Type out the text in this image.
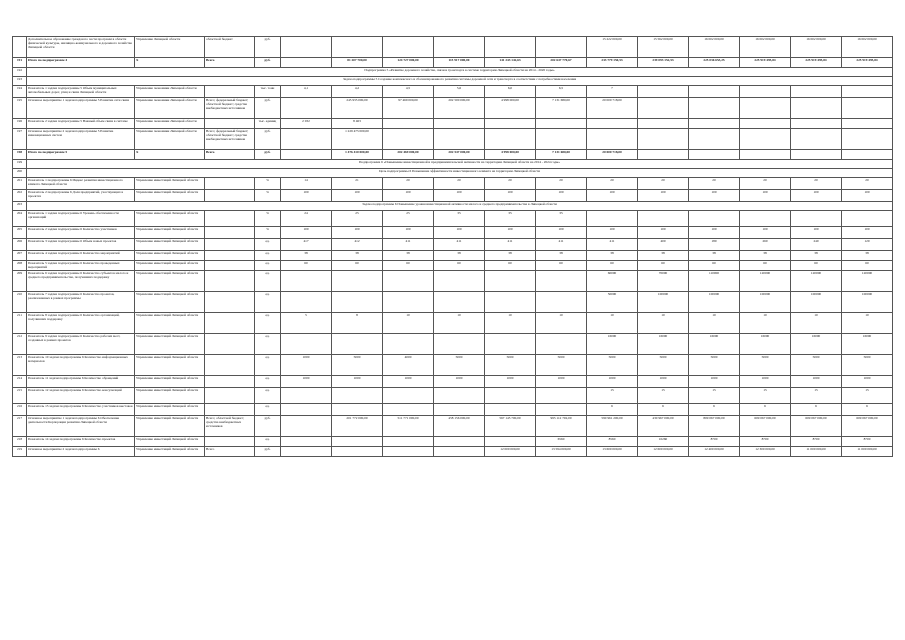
	Дополнительное образование граждан по части программ в области физической культуры, жилищно-коммунального и дорожного хозяйства Липецкой области	Управление Липецкой области	областной бюджет	руб.							15 222 000,00	15 562 000,00	16 002 000,00	16 002 000,00	16 002 000,00	16 002 000,00
191	Итого по подпрограмме 4	Х	Всего	руб.		81 207 700,00	124 727 000,00	115 917 000,00	141 243 142,63	202 647 770,67	233 779 150,53	239 093 152,53	225 036 653,25	225 919 495,84	225 919 495,84	225 919 495,84
192	Подпрограмма 5 «Развитие дорожного хозяйства, связи и транспорта в системе территории Липецкой области на 2014 - 2020 годы»															
193	Задача подпрограммы 5 Создание комплексного и сбалансированного развития системы дорожной сети и транспорта в соответствии с потребностями населения															
194	Показатель 1 задачи подпрограммы 5 Объем муниципальных автомобильных дорог, улиц и связи Липецкой области	Управление экономики Липецкой области		тыс. тонн	4,1	4,2	4,5	5,6	6,0	6,5	7					
195	Основное мероприятие 1 задачи подпрограммы 5 Развитие сети связи	Управление экономики Липецкой области	Всего; федеральный бюджет; областной бюджет; средства внебюджетных источников	руб.		245 935 000,00	97 469 000,00	202 500 000,00	4 998 000,00	7 131 680,00	20 000 718,00					
196	Показатель 2 задачи подпрограммы 5 Важный объем связи в системе	Управление экономики Липецкой области		тыс. единиц	2 032	8 463										
197	Основное мероприятие 2 задачи подпрограммы 5 Развитие инновационных систем	Управление экономики Липецкой области	Всего; федеральный бюджет; областной бюджет; средства внебюджетных источников	руб.		1 229 475 000,00										
198	Итого по подпрограмме 5	Х	Всего	руб.		1 476 410 000,00	202 469 000,00	202 547 000,00	4 998 000,00	7 131 680,00	20 000 718,00					
199	Подпрограмма 6 «Повышение инвестиционной и предпринимательской активности на территории Липецкой области на 2014 - 2024 годы»															
200	Цель подпрограммы 6 Повышение эффективности инвестиционного климата на территории Липецкой области															
201	Показатель 1 подпрограммы 6 Индекс развития инвестиционного климата Липецкой области	Управление инвестиций Липецкой области		%	14	21	20	20	20	20	20	20	20	20	20	20
202	Показатель 2 подпрограммы 6 Доля предприятий, участвующих в проектах	Управление инвестиций Липецкой области		%	100	100	100	100	100	100	100	100	100	100	100	100
203	Задача подпрограммы 6 Повышение уровня инвестиционной активности малого и среднего предпринимательства в Липецкой области															
204	Показатель 1 задачи подпрограммы 6 Уровень обеспеченности организаций	Управление инвестиций Липецкой области		%	24	25	25	35	35	35						
205	Показатель 2 задачи подпрограммы 6 Количество участников	Управление инвестиций Липецкой области		%	100	100	100	100	100	100	100	100	100	100	100	100
206	Показатель 3 задачи подпрограммы 6 Объем новых проектов	Управление инвестиций Липецкой области		ед.	417	412	411	411	411	411	411	400	180	260	240	120
207	Показатель 4 задачи подпрограммы 6 Количество мероприятий	Управление инвестиций Липецкой области		ед.	38	38	38	38	38	38	38	38	38	38	38	38
208	Показатель 5 задачи подпрограммы 6 Количество проведенных мероприятий	Управление инвестиций Липецкой области		ед.	60	60	60	60	60	60	60	60	60	60	60	60
209	Показатель 6 задачи подпрограммы 6 Количество субъектов малого и среднего предпринимательства, получивших поддержку	Управление инвестиций Липецкой области		ед.							60000	70000	110000	120000	120000	120000
210	Показатель 7 задачи подпрограммы 6 Количество проектов, реализованных в рамках программы	Управление инвестиций Липецкой области		ед.							50000	100000	100000	100000	100000	100000
211	Показатель 8 задачи подпрограммы 6 Количество организаций, получивших поддержку	Управление инвестиций Липецкой области		ед.	5	8	10	10	10	10	10	10	10	10	10	10
212	Показатель 9 задачи подпрограммы 6 Количество рабочих мест, созданных в рамках проектов	Управление инвестиций Липецкой области		ед.							16000	16000	16000	16000	16000	16000
213	Показатель 10 задачи подпрограммы 6 Количество информационных материалов	Управление инвестиций Липецкой области		ед.	1000	5000	4000	5000	5000	5000	5000	5000	5000	5000	5000	5000
214	Показатель 11 задачи подпрограммы 6 Количество обращений	Управление инвестиций Липецкой области		ед.	1000	1000	1000	1000	1000	1000	1000	1000	1000	1000	1000	1000
215	Показатель 12 задачи подпрограммы 6 Количество консультаций	Управление инвестиций Липецкой области		ед.							15	15	15	15	15	15
216	Показатель 13 задачи подпрограммы 6 Количество участников выставок	Управление инвестиций Липецкой области		ед.							6	6	6	6	6	6
217	Основное мероприятие 1 задачи подпрограммы 6 Обеспечение деятельности Корпорации развития Липецкой области	Управление инвестиций Липецкой области	Всего; областной бюджет; средства внебюджетных источников	руб.		201 772 000,00	511 771 000,00	458 156 000,00	567 145 700,00	995 112 702,00	590 961 200,00	430 967 000,00	809 067 000,00	609 067 000,00	609 067 000,00	609 067 000,00
218	Показатель 14 задачи подпрограммы 6 Количество проектов	Управление инвестиций Липецкой области		ед.						6560	8560	10260	8700	8700	8700	8700
219	Основное мероприятие 2 задачи подпрограммы 6	Управление инвестиций Липецкой области	Всего	руб.					12 000 000,00	13 594 000,00	13 600 000,00	12 600 000,00	12 400 000,00	12 300 000,00	11 000 000,00	11 000 000,00
